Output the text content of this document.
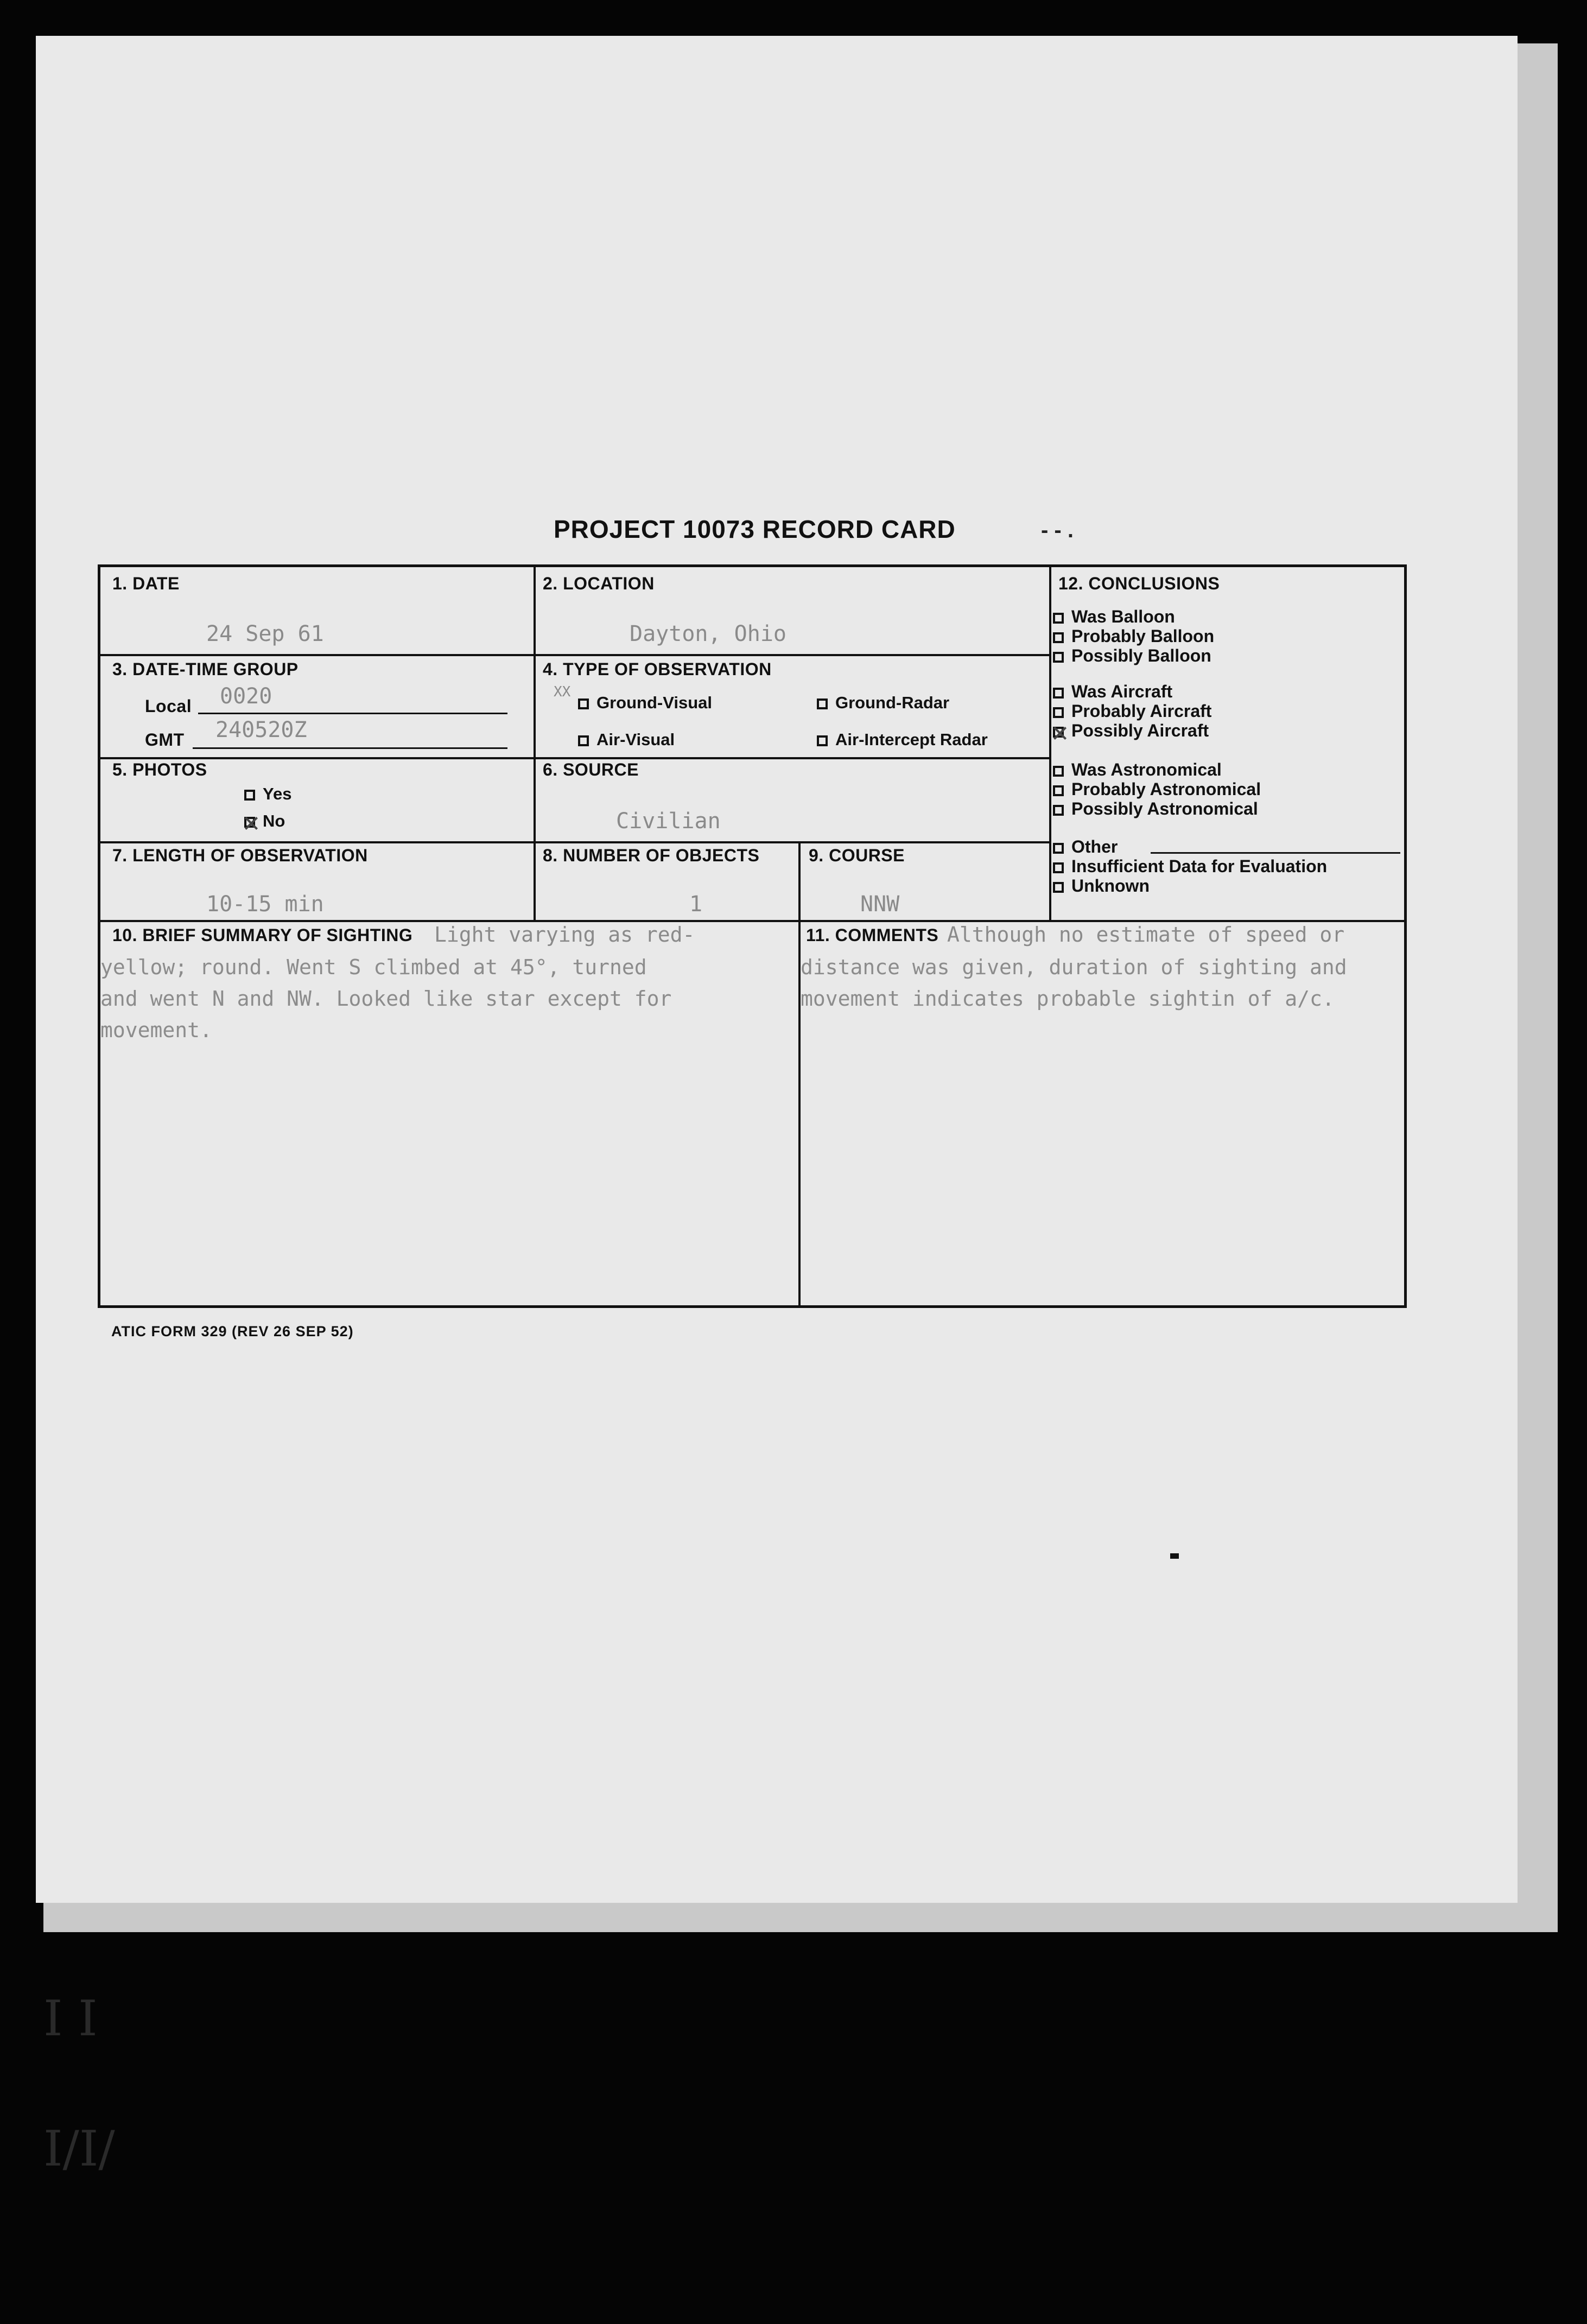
PROJECT 10073 RECORD CARD	- - .
1. DATE
24 Sep 61
2. LOCATION
Dayton, Ohio
3. DATE-TIME GROUP
Local 0020
GMT 240520Z
4. TYPE OF OBSERVATION
XX
Ground-Visual	Ground-Radar
Air-Visual	Air-Intercept Radar
5. PHOTOS
Yes
No
6. SOURCE
Civilian
7. LENGTH OF OBSERVATION
10-15 min
8. NUMBER OF OBJECTS
1
9. COURSE
NNW
10. BRIEF SUMMARY OF SIGHTING Light varying as red-
yellow; round. Went S climbed at 45°, turned
and went N and NW. Looked like star except for
movement.
11. COMMENTS Although no estimate of speed or
distance was given, duration of sighting and
movement indicates probable sightin of a/c.
12. CONCLUSIONS
Was Balloon
Probably Balloon
Possibly Balloon
Was Aircraft
Probably Aircraft
Possibly Aircraft
Was Astronomical
Probably Astronomical
Possibly Astronomical
Other
Insufficient Data for Evaluation
Unknown
ATIC FORM 329 (REV 26 SEP 52)
I I
I/I/
